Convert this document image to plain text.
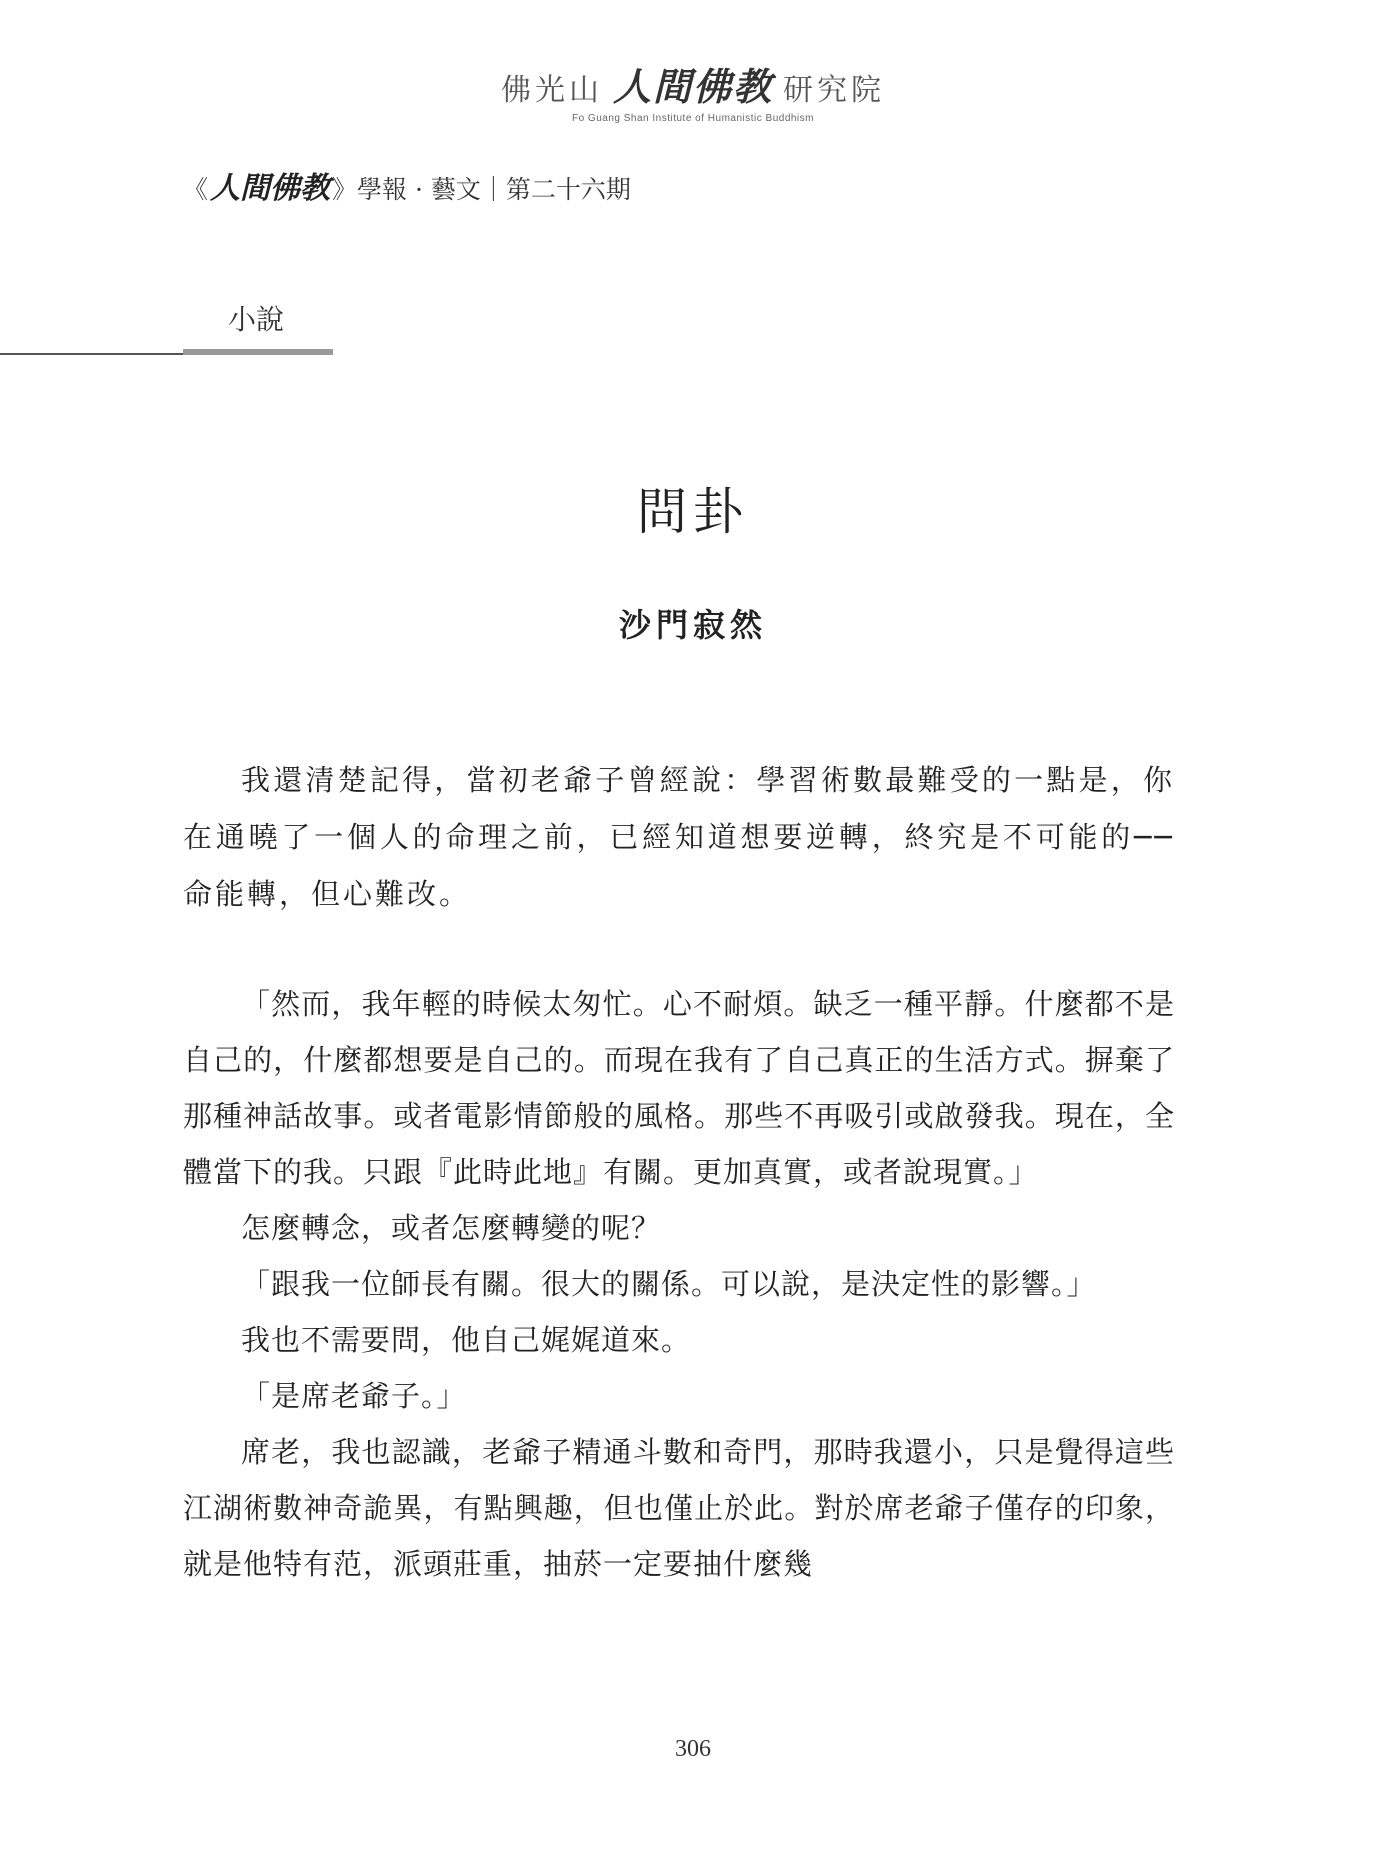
佛光山 人間佛教 研究院
Fo Guang Shan Institute of Humanistic Buddhism
《 人間佛教 》學報 · 藝文｜第二十六期
小說
問卦
沙門寂然

我還清楚記得，當初老爺子曾經說：學習術數最難受的一點是，你在通曉了一個人的命理之前，已經知道想要逆轉，終究是不可能的──命能轉，但心難改。

「然而，我年輕的時候太匆忙。心不耐煩。缺乏一種平靜。什麼都不是自己的，什麼都想要是自己的。而現在我有了自己真正的生活方式。摒棄了那種神話故事。或者電影情節般的風格。那些不再吸引或啟發我。現在，全體當下的我。只跟『此時此地』有關。更加真實，或者說現實。」

怎麼轉念，或者怎麼轉變的呢？

「跟我一位師長有關。很大的關係。可以說，是決定性的影響。」

我也不需要問，他自己娓娓道來。

「是席老爺子。」

席老，我也認識，老爺子精通斗數和奇門，那時我還小，只是覺得這些江湖術數神奇詭異，有點興趣，但也僅止於此。對於席老爺子僅存的印象，就是他特有范，派頭莊重，抽菸一定要抽什麼幾

306
